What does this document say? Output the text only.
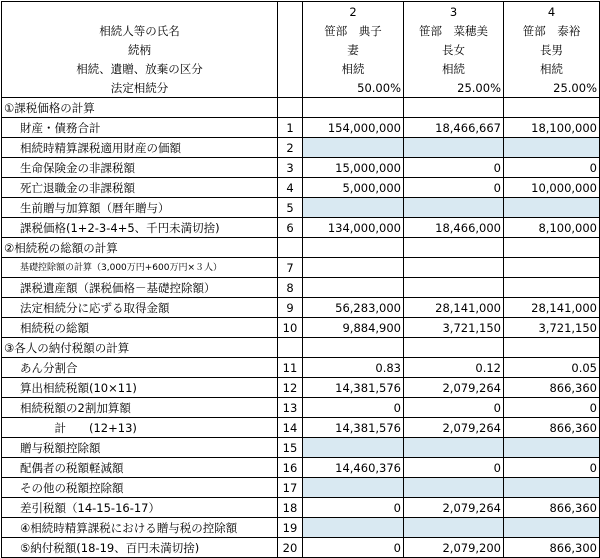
		2	3	4
相続人等の氏名		笹部　典子	笹部　菜穂美	笹部　泰裕
続柄		妻	長女	長男
相続、遺贈、放棄の区分		相続	相続	相続
法定相続分		50.00%	25.00%	25.00%
①課税価格の計算				
財産・債務合計	1	154,000,000	18,466,667	18,100,000
相続時精算課税適用財産の価額	2			
生命保険金の非課税額	3	15,000,000	0	0
死亡退職金の非課税額	4	5,000,000	0	10,000,000
生前贈与加算額（暦年贈与）	5			
課税価格(1+2-3-4+5、千円未満切捨)	6	134,000,000	18,466,000	8,100,000
②相続税の総額の計算				
基礎控除額の計算（3,000万円+600万円×３人）	7			
課税遺産額（課税価格－基礎控除額）	8			
法定相続分に応ずる取得金額	9	56,283,000	28,141,000	28,141,000
相続税の総額	10	9,884,900	3,721,150	3,721,150
③各人の納付税額の計算				
あん分割合	11	0.83	0.12	0.05
算出相続税額(10×11)	12	14,381,576	2,079,264	866,360
相続税額の2割加算額	13	0	0	0
　　　計　　(12+13)	14	14,381,576	2,079,264	866,360
贈与税額控除額	15			
配偶者の税額軽減額	16	14,460,376	0	0
その他の税額控除額	17			
差引税額（14-15-16-17）	18	0	2,079,264	866,360
④相続時精算課税における贈与税の控除額	19			
⑤納付税額(18-19、百円未満切捨)	20	0	2,079,200	866,300
